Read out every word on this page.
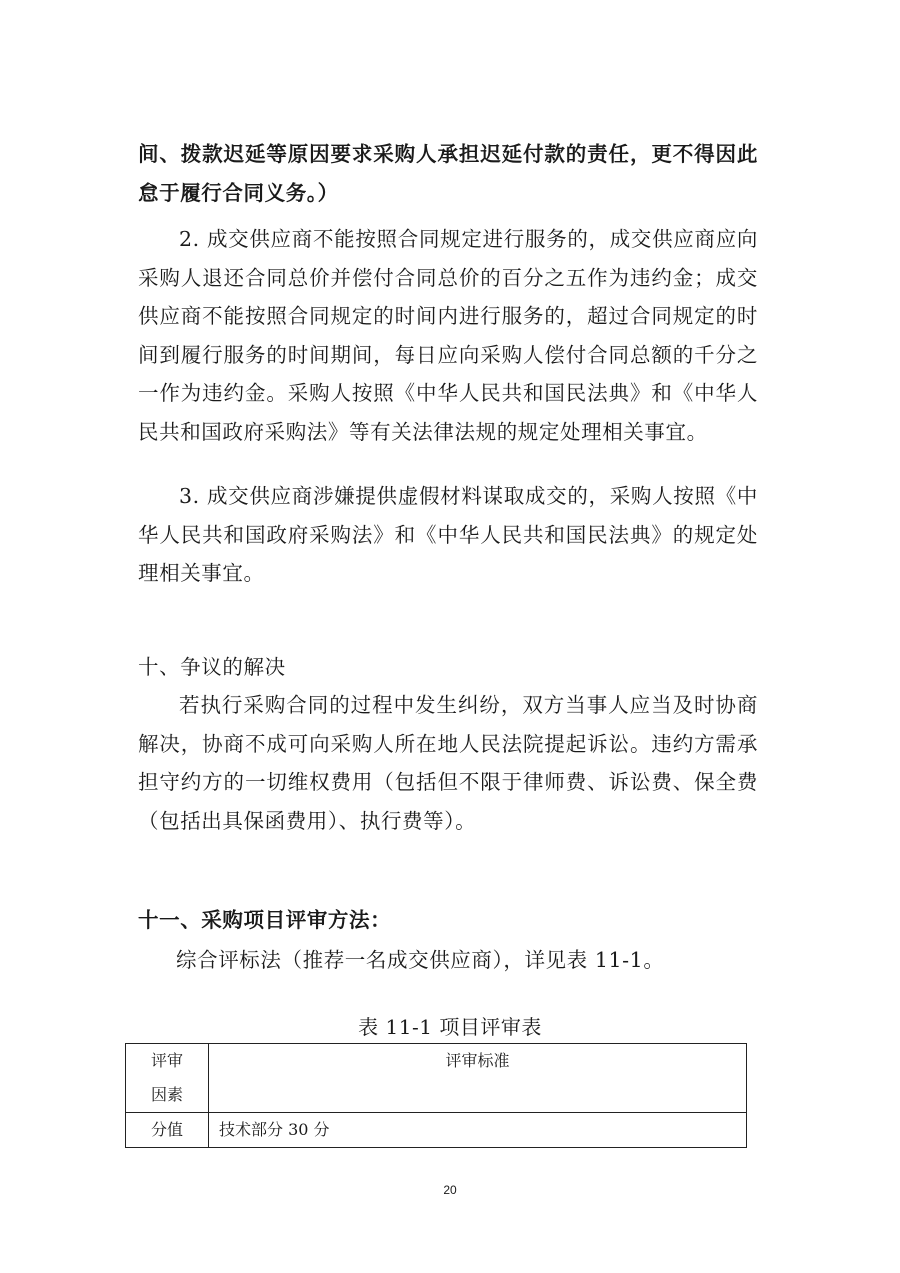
间、拨款迟延等原因要求采购人承担迟延付款的责任，更不得因此怠于履行合同义务。）
2. 成交供应商不能按照合同规定进行服务的，成交供应商应向采购人退还合同总价并偿付合同总价的百分之五作为违约金；成交供应商不能按照合同规定的时间内进行服务的，超过合同规定的时间到履行服务的时间期间，每日应向采购人偿付合同总额的千分之一作为违约金。采购人按照《中华人民共和国民法典》和《中华人民共和国政府采购法》等有关法律法规的规定处理相关事宜。
3. 成交供应商涉嫌提供虚假材料谋取成交的，采购人按照《中华人民共和国政府采购法》和《中华人民共和国民法典》的规定处理相关事宜。
十、争议的解决
若执行采购合同的过程中发生纠纷，双方当事人应当及时协商解决，协商不成可向采购人所在地人民法院提起诉讼。违约方需承担守约方的一切维权费用（包括但不限于律师费、诉讼费、保全费（包括出具保函费用）、执行费等）。
十一、采购项目评审方法：
综合评标法（推荐一名成交供应商），详见表 11-1。
表 11-1 项目评审表
评审
因素	评审标准
分值	技术部分 30 分
20
